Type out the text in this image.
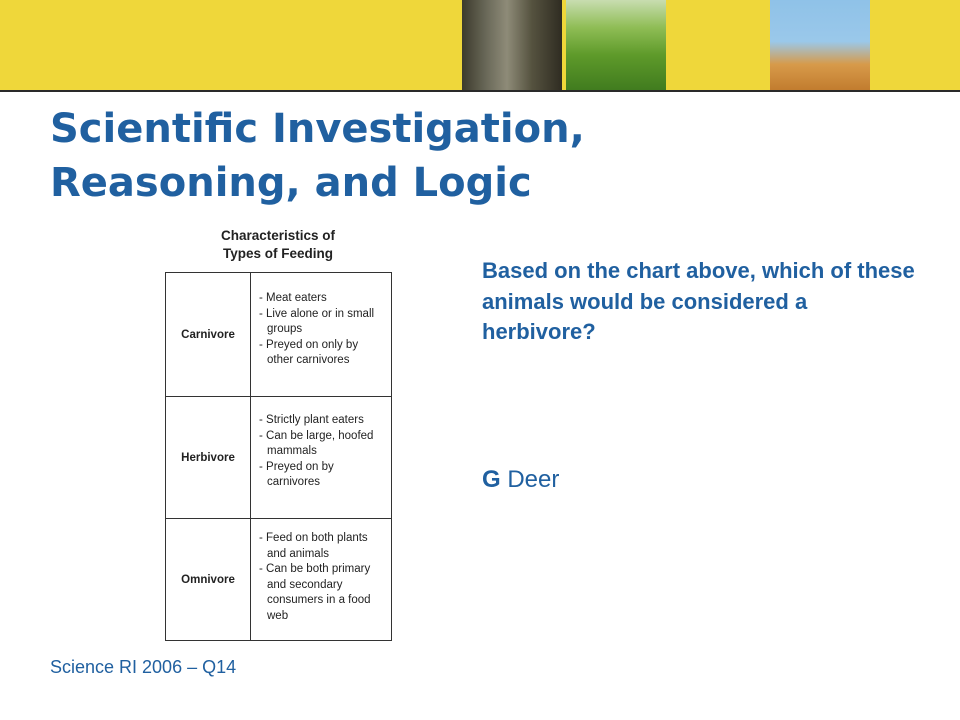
Scientific Investigation,
Reasoning, and Logic
Characteristics of
Types of Feeding
Carnivore
- Meat eaters
- Live alone or in small groups
- Preyed on only by other carnivores
Herbivore
- Strictly plant eaters
- Can be large, hoofed mammals
- Preyed on by carnivores
Omnivore
- Feed on both plants and animals
- Can be both primary and secondary consumers in a food web
Based on the chart above, which of these animals would be considered a herbivore?
G Deer
Science RI 2006 – Q14
